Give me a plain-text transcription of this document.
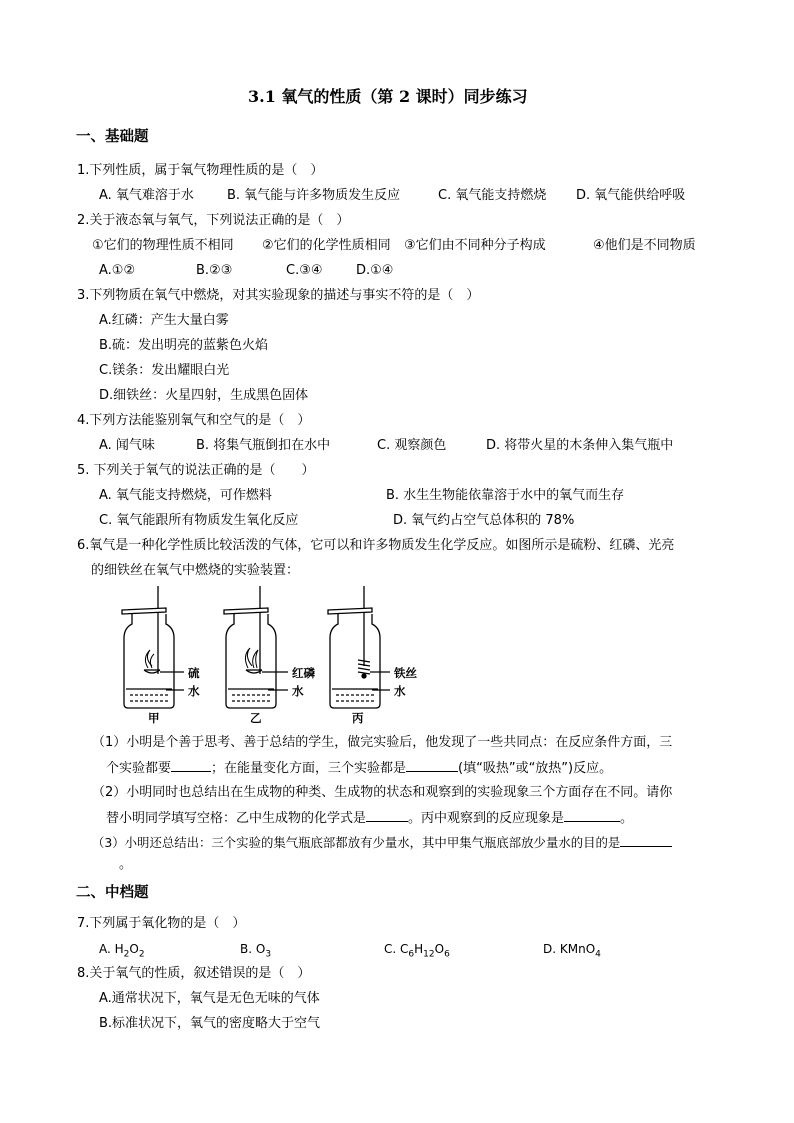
3.1 氧气的性质（第 2 课时）同步练习
一、基础题
1.下列性质，属于氧气物理性质的是（　）
A. 氧气难溶于水	B. 氧气能与许多物质发生反应	C. 氧气能支持燃烧 D. 氧气能供给呼吸
2.关于液态氧与氧气，下列说法正确的是（　）
①它们的物理性质不相同 ②它们的化学性质相同 ③它们由不同种分子构成	④他们是不同物质
A.①②	B.②③	C.③④	D.①④
3.下列物质在氧气中燃烧，对其实验现象的描述与事实不符的是（　）
A.红磷：产生大量白雾
B.硫：发出明亮的蓝紫色火焰
C.镁条：发出耀眼白光
D.细铁丝：火星四射，生成黑色固体
4.下列方法能鉴别氧气和空气的是（　）
A. 闻气味	B. 将集气瓶倒扣在水中	C. 观察颜色	D. 将带火星的木条伸入集气瓶中
5. 下列关于氧气的说法正确的是（　　）
A. 氧气能支持燃烧，可作燃料	B. 水生生物能依靠溶于水中的氧气而生存
C. 氧气能跟所有物质发生氧化反应	D. 氧气约占空气总体积的 78%
6.氧气是一种化学性质比较活泼的气体，它可以和许多物质发生化学反应。如图所示是硫粉、红磷、光亮
的细铁丝在氧气中燃烧的实验装置：
硫
水
甲
红磷
水
乙
铁丝
水
丙
（1）小明是个善于思考、善于总结的学生，做完实验后，他发现了一些共同点：在反应条件方面，三
个实验都要	；在能量变化方面，三个实验都是	(填“吸热”或“放热”)反应。
（2）小明同时也总结出在生成物的种类、生成物的状态和观察到的实验现象三个方面存在不同。请你
替小明同学填写空格：乙中生成物的化学式是	。丙中观察到的反应现象是	。
（3）小明还总结出：三个实验的集气瓶底部都放有少量水，其中甲集气瓶底部放少量水的目的是
。
二、中档题
7.下列属于氧化物的是（　）
A. $H_2O_2$	B. $O_3$	C. $C_6H_{12}O_6$	D. KMnO$_4$
8.关于氧气的性质，叙述错误的是（　）
A.通常状况下，氧气是无色无味的气体
B.标准状况下，氧气的密度略大于空气
